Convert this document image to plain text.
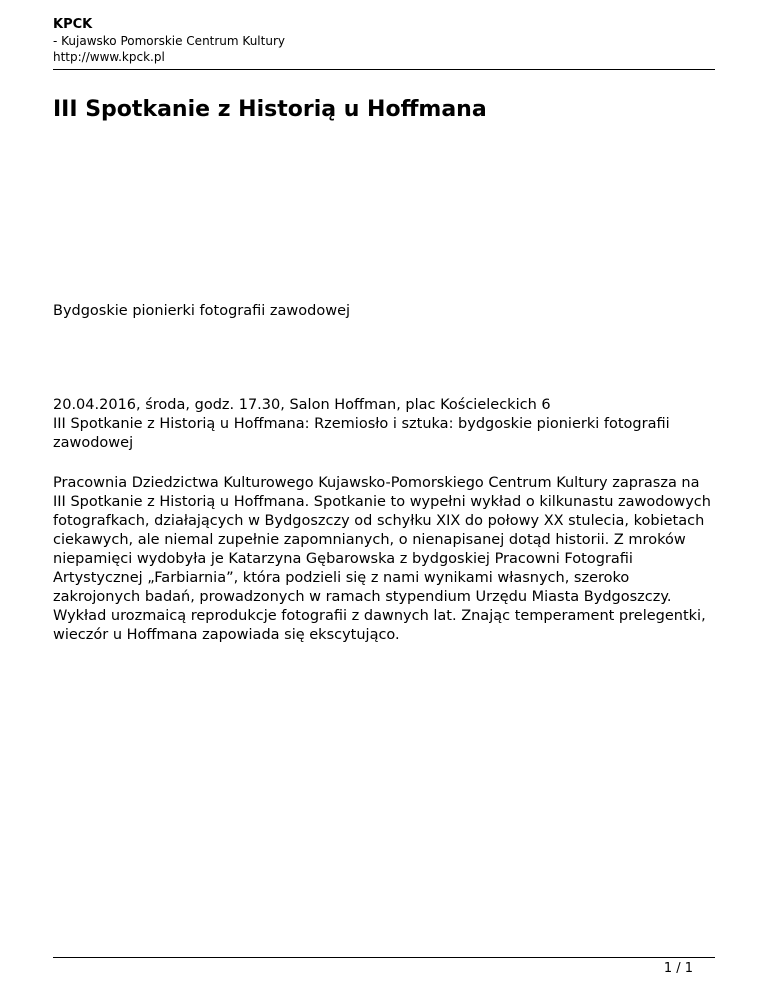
KPCK
- Kujawsko Pomorskie Centrum Kultury
http://www.kpck.pl
III Spotkanie z Historią u Hoffmana

Bydgoskie pionierki fotografii zawodowej

20.04.2016, środa, godz. 17.30, Salon Hoffman, plac Kościeleckich 6
III Spotkanie z Historią u Hoffmana: Rzemiosło i sztuka: bydgoskie pionierki fotografii zawodowej

Pracownia Dziedzictwa Kulturowego Kujawsko-Pomorskiego Centrum Kultury zaprasza na III Spotkanie z Historią u Hoffmana. Spotkanie to wypełni wykład o kilkunastu zawodowych fotografkach, działających w Bydgoszczy od schyłku XIX do połowy XX stulecia, kobietach ciekawych, ale niemal zupełnie zapomnianych, o nienapisanej dotąd historii. Z mroków niepamięci wydobyła je Katarzyna Gębarowska z bydgoskiej Pracowni Fotografii Artystycznej „Farbiarnia”, która podzieli się z nami wynikami własnych, szeroko zakrojonych badań, prowadzonych w ramach stypendium Urzędu Miasta Bydgoszczy. Wykład urozmaicą reprodukcje fotografii z dawnych lat. Znając temperament prelegentki, wieczór u Hoffmana zapowiada się ekscytująco.

1 / 1
